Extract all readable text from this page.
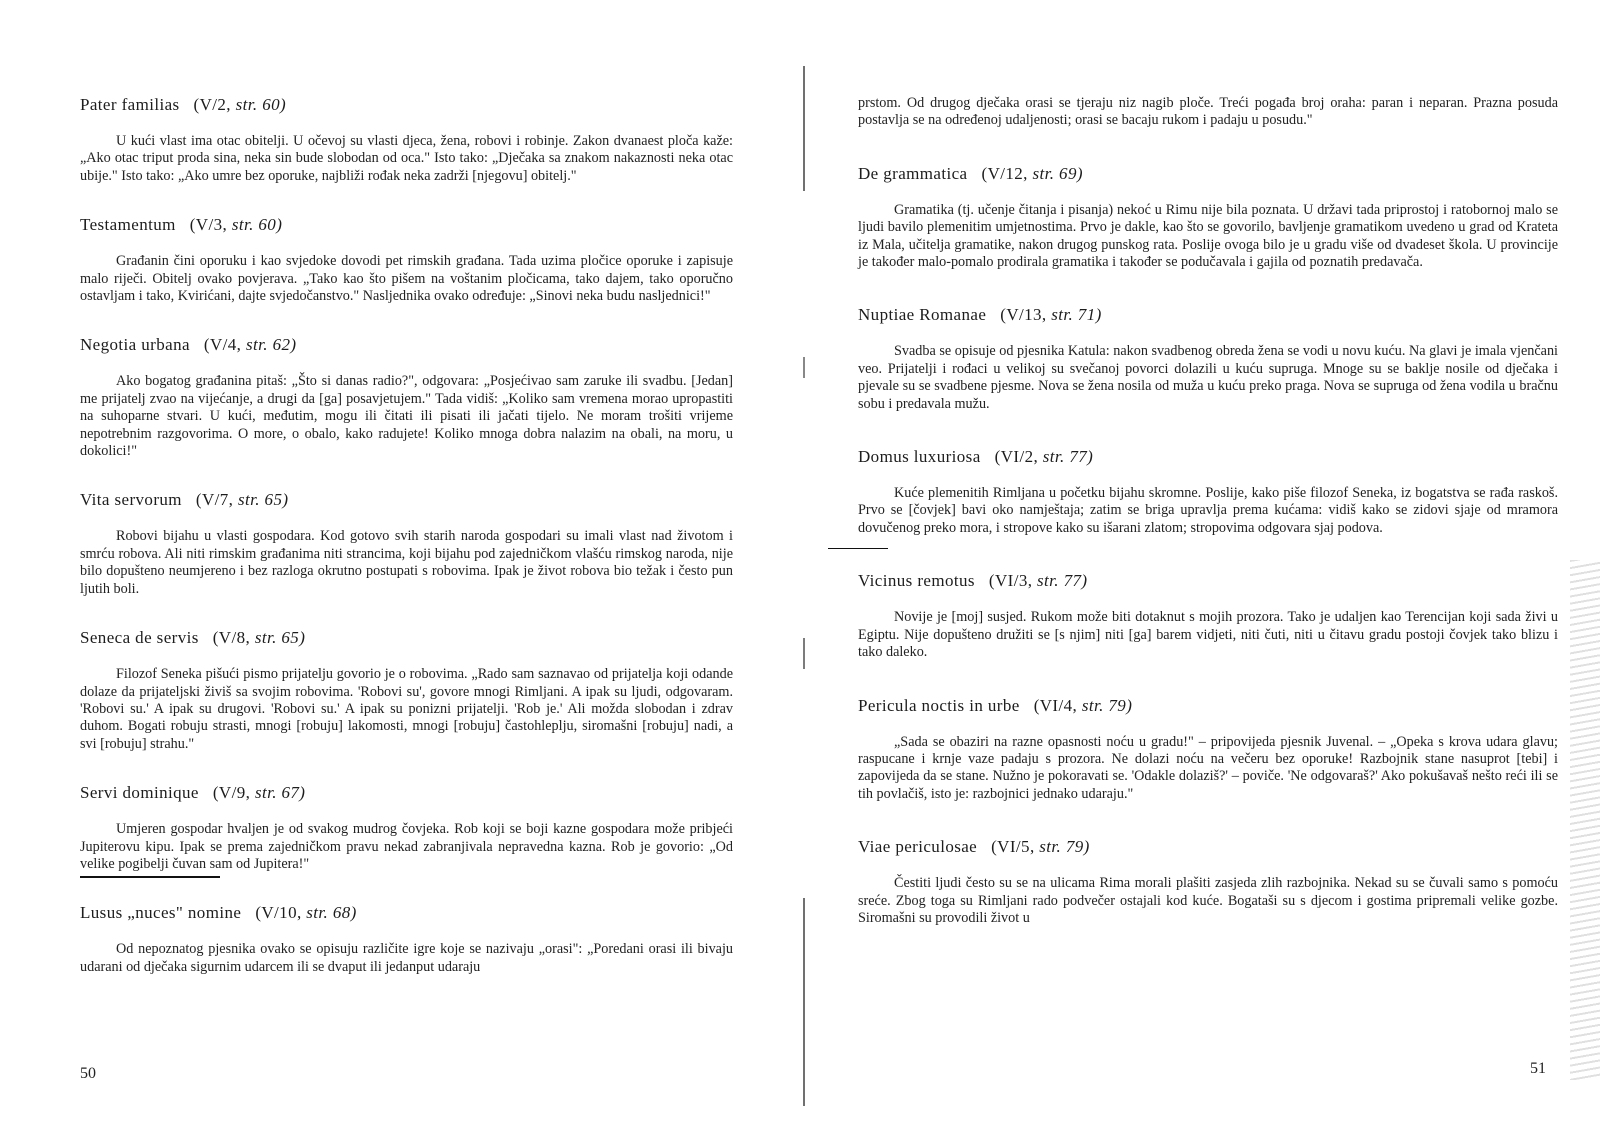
Pater familias (V/2, str. 60)

U kući vlast ima otac obitelji. U očevoj su vlasti djeca, žena, robovi i robinje. Zakon dvanaest ploča kaže: „Ako otac triput proda sina, neka sin bude slobodan od oca." Isto tako: „Dječaka sa znakom nakaznosti neka otac ubije." Isto tako: „Ako umre bez oporuke, najbliži rođak neka zadrži [njegovu] obitelj."

Testamentum (V/3, str. 60)

Građanin čini oporuku i kao svjedoke dovodi pet rimskih građana. Tada uzima pločice oporuke i zapisuje malo riječi. Obitelj ovako povjerava. „Tako kao što pišem na voštanim pločicama, tako dajem, tako oporučno ostavljam i tako, Kvirićani, dajte svjedočanstvo." Nasljednika ovako određuje: „Sinovi neka budu nasljednici!"

Negotia urbana (V/4, str. 62)

Ako bogatog građanina pitaš: „Što si danas radio?", odgovara: „Posjećivao sam zaruke ili svadbu. [Jedan] me prijatelj zvao na vijećanje, a drugi da [ga] posavjetujem." Tada vidiš: „Koliko sam vremena morao upropastiti na suhoparne stvari. U kući, međutim, mogu ili čitati ili pisati ili jačati tijelo. Ne moram trošiti vrijeme nepotrebnim razgovorima. O more, o obalo, kako radujete! Koliko mnoga dobra nalazim na obali, na moru, u dokolici!"

Vita servorum (V/7, str. 65)

Robovi bijahu u vlasti gospodara. Kod gotovo svih starih naroda gospodari su imali vlast nad životom i smrću robova. Ali niti rimskim građanima niti strancima, koji bijahu pod zajedničkom vlašću rimskog naroda, nije bilo dopušteno neumjereno i bez razloga okrutno postupati s robovima. Ipak je život robova bio težak i često pun ljutih boli.

Seneca de servis (V/8, str. 65)

Filozof Seneka pišući pismo prijatelju govorio je o robovima. „Rado sam saznavao od prijatelja koji odande dolaze da prijateljski živiš sa svojim robovima. 'Robovi su', govore mnogi Rimljani. A ipak su ljudi, odgovaram. 'Robovi su.' A ipak su drugovi. 'Robovi su.' A ipak su ponizni prijatelji. 'Rob je.' Ali možda slobodan i zdrav duhom. Bogati robuju strasti, mnogi [robuju] lakomosti, mnogi [robuju] častohleplju, siromašni [robuju] nadi, a svi [robuju] strahu."

Servi dominique (V/9, str. 67)

Umjeren gospodar hvaljen je od svakog mudrog čovjeka. Rob koji se boji kazne gospodara može pribjeći Jupiterovu kipu. Ipak se prema zajedničkom pravu nekad zabranjivala nepravedna kazna. Rob je govorio: „Od velike pogibelji čuvan sam od Jupitera!"

Lusus „nuces" nomine (V/10, str. 68)

Od nepoznatog pjesnika ovako se opisuju različite igre koje se nazivaju „orasi": „Poredani orasi ili bivaju udarani od dječaka sigurnim udarcem ili se dvaput ili jedanput udaraju

50

prstom. Od drugog dječaka orasi se tjeraju niz nagib ploče. Treći pogađa broj oraha: paran i neparan. Prazna posuda postavlja se na određenoj udaljenosti; orasi se bacaju rukom i padaju u posudu."

De grammatica (V/12, str. 69)

Gramatika (tj. učenje čitanja i pisanja) nekoć u Rimu nije bila poznata. U državi tada priprostoj i ratobornoj malo se ljudi bavilo plemenitim umjetnostima. Prvo je dakle, kao što se govorilo, bavljenje gramatikom uvedeno u grad od Krateta iz Mala, učitelja gramatike, nakon drugog punskog rata. Poslije ovoga bilo je u gradu više od dvadeset škola. U provincije je također malo-pomalo prodirala gramatika i također se podučavala i gajila od poznatih predavača.

Nuptiae Romanae (V/13, str. 71)

Svadba se opisuje od pjesnika Katula: nakon svadbenog obreda žena se vodi u novu kuću. Na glavi je imala vjenčani veo. Prijatelji i rođaci u velikoj su svečanoj povorci dolazili u kuću supruga. Mnoge su se baklje nosile od dječaka i pjevale su se svadbene pjesme. Nova se žena nosila od muža u kuću preko praga. Nova se supruga od žena vodila u bračnu sobu i predavala mužu.

Domus luxuriosa (VI/2, str. 77)

Kuće plemenitih Rimljana u početku bijahu skromne. Poslije, kako piše filozof Seneka, iz bogatstva se rađa raskoš. Prvo se [čovjek] bavi oko namještaja; zatim se briga upravlja prema kućama: vidiš kako se zidovi sjaje od mramora dovučenog preko mora, i stropove kako su išarani zlatom; stropovima odgovara sjaj podova.

Vicinus remotus (VI/3, str. 77)

Novije je [moj] susjed. Rukom može biti dotaknut s mojih prozora. Tako je udaljen kao Terencijan koji sada živi u Egiptu. Nije dopušteno družiti se [s njim] niti [ga] barem vidjeti, niti čuti, niti u čitavu gradu postoji čovjek tako blizu i tako daleko.

Pericula noctis in urbe (VI/4, str. 79)

„Sada se obaziri na razne opasnosti noću u gradu!" – pripovijeda pjesnik Juvenal. – „Opeka s krova udara glavu; raspucane i krnje vaze padaju s prozora. Ne dolazi noću na večeru bez oporuke! Razbojnik stane nasuprot [tebi] i zapovijeda da se stane. Nužno je pokoravati se. 'Odakle dolaziš?' – poviče. 'Ne odgovaraš?' Ako pokušavaš nešto reći ili se tih povlačiš, isto je: razbojnici jednako udaraju."

Viae periculosae (VI/5, str. 79)

Čestiti ljudi često su se na ulicama Rima morali plašiti zasjeda zlih razbojnika. Nekad su se čuvali samo s pomoću sreće. Zbog toga su Rimljani rado podvečer ostajali kod kuće. Bogataši su s djecom i gostima pripremali velike gozbe. Siromašni su provodili život u

51
